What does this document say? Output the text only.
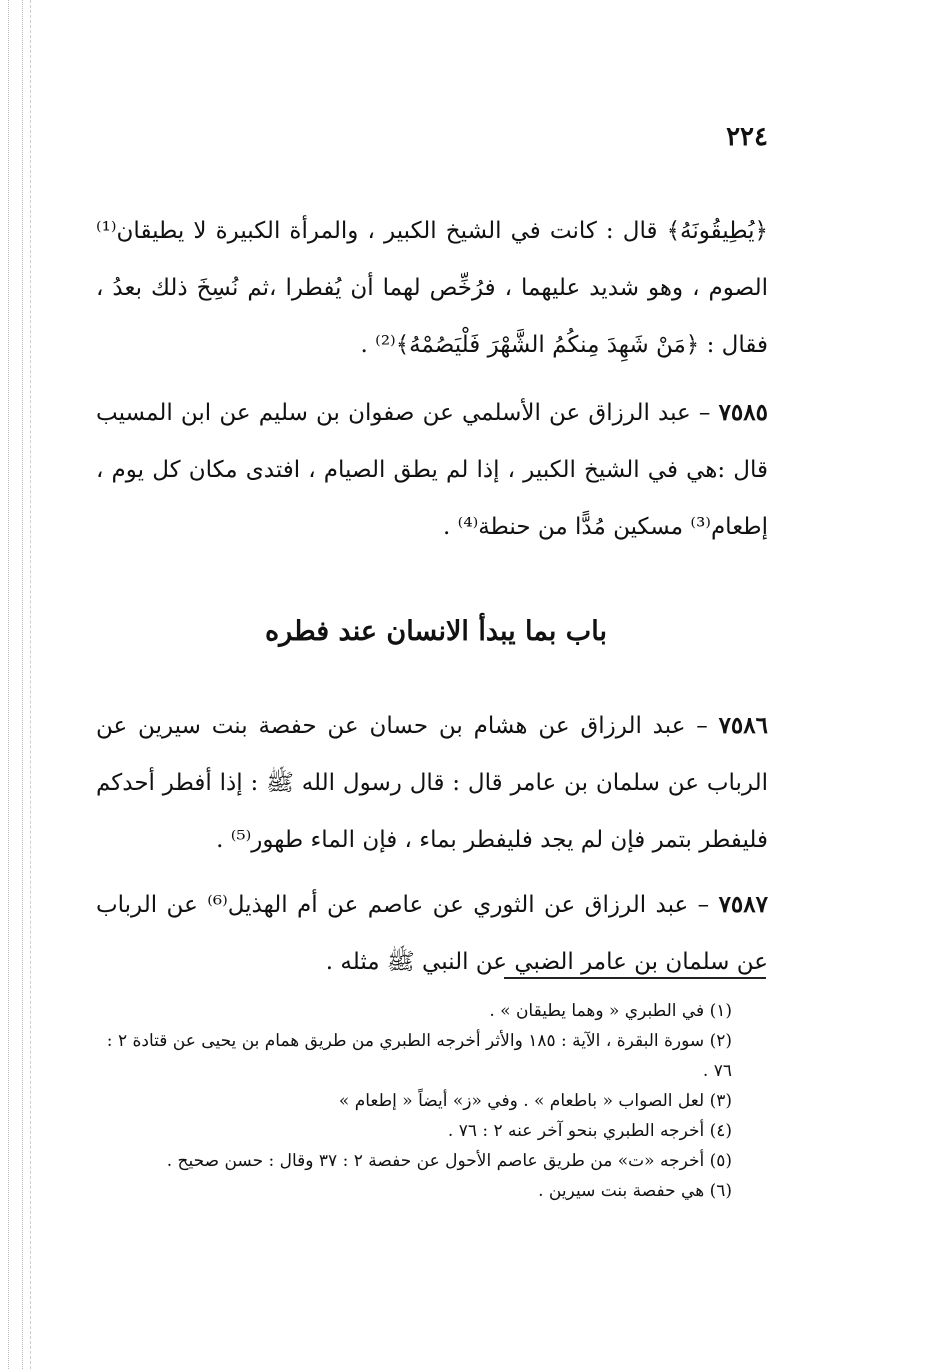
٢٢٤

﴿يُطِيقُونَهُ﴾ قال : كانت في الشيخ الكبير ، والمرأة الكبيرة لا يطيقان⁽¹⁾ الصوم ، وهو شديد عليهما ، فرُخِّص لهما أن يُفطرا ،ثم نُسِخَ ذلك بعدُ ، فقال : ﴿مَنْ شَهِدَ مِنكُمُ الشَّهْرَ فَلْيَصُمْهُ﴾⁽²⁾ .

٧٥٨٥ – عبد الرزاق عن الأسلمي عن صفوان بن سليم عن ابن المسيب قال :هي في الشيخ الكبير ، إذا لم يطق الصيام ، افتدى مكان كل يوم ، إطعام⁽³⁾ مسكين مُدًّا من حنطة⁽⁴⁾ .

باب بما يبدأ الانسان عند فطره

٧٥٨٦ – عبد الرزاق عن هشام بن حسان عن حفصة بنت سيرين عن الرباب عن سلمان بن عامر قال : قال رسول الله ﷺ : إذا أفطر أحدكم فليفطر بتمر فإن لم يجد فليفطر بماء ، فإن الماء طهور⁽⁵⁾ .

٧٥٨٧ – عبد الرزاق عن الثوري عن عاصم عن أم الهذيل⁽⁶⁾ عن الرباب عن سلمان بن عامر الضبي عن النبي ﷺ مثله .

(١) في الطبري « وهما يطيقان » .
(٢) سورة البقرة ، الآية : ١٨٥ والأثر أخرجه الطبري من طريق همام بن يحيى عن قتادة ٢ : ٧٦ .
(٣) لعل الصواب « باطعام » . وفي «ز» أيضاً « إطعام »
(٤) أخرجه الطبري بنحو آخر عنه ٢ : ٧٦ .
(٥) أخرجه «ت» من طريق عاصم الأحول عن حفصة ٢ : ٣٧ وقال : حسن صحيح .
(٦) هي حفصة بنت سيرين .
